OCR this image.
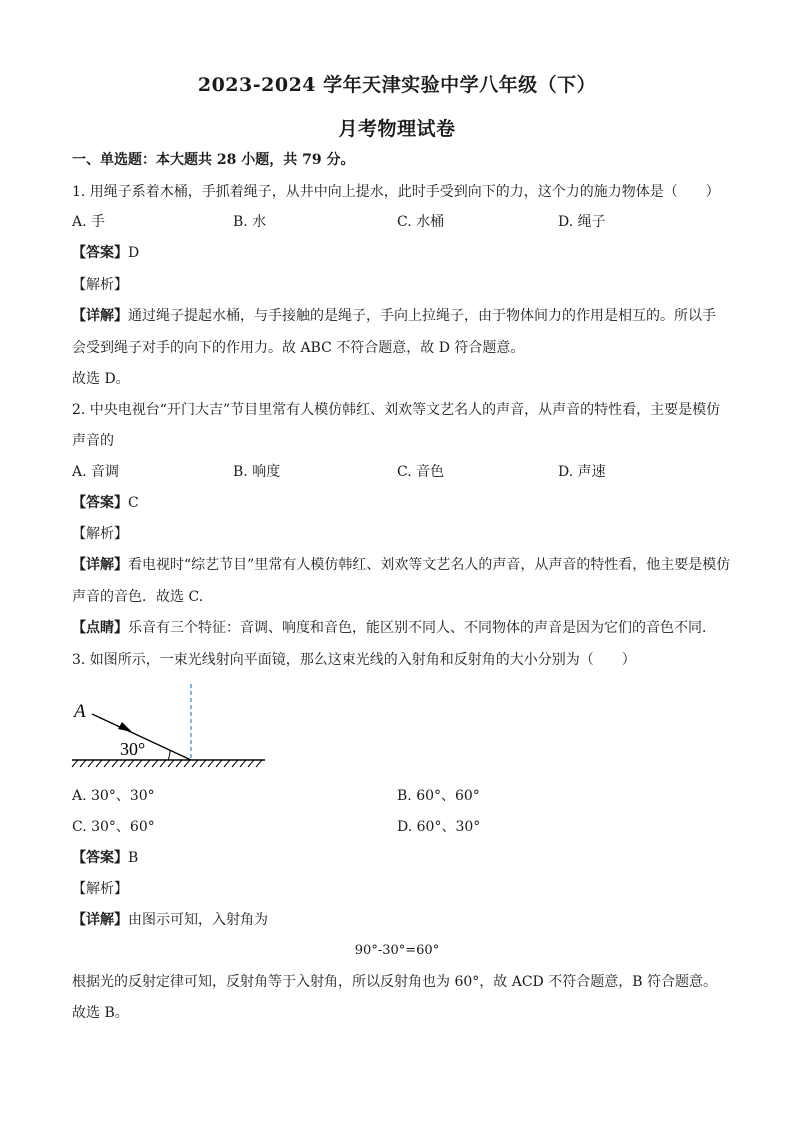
2023-2024 学年天津实验中学八年级（下）
月考物理试卷
一、单选题：本大题共 28 小题，共 79 分。
1. 用绳子系着木桶，手抓着绳子，从井中向上提水，此时手受到向下的力，这个力的施力物体是（　　）
A. 手	B. 水	C. 水桶	D. 绳子
【答案】D
【解析】
【详解】通过绳子提起水桶，与手接触的是绳子，手向上拉绳子，由于物体间力的作用是相互的。所以手
会受到绳子对手的向下的作用力。故 ABC 不符合题意，故 D 符合题意。
故选 D。
2. 中央电视台“开门大吉”节目里常有人模仿韩红、刘欢等文艺名人的声音，从声音的特性看，主要是模仿
声音的
A. 音调	B. 响度	C. 音色	D. 声速
【答案】C
【解析】
【详解】看电视时“综艺节目”里常有人模仿韩红、刘欢等文艺名人的声音，从声音的特性看，他主要是模仿
声音的音色．故选 C.
【点睛】乐音有三个特征：音调、响度和音色，能区别不同人、不同物体的声音是因为它们的音色不同．
3. 如图所示，一束光线射向平面镜，那么这束光线的入射角和反射角的大小分别为（　　）
A
30°
A. 30°、30°	B. 60°、60°
C. 30°、60°	D. 60°、30°
【答案】B
【解析】
【详解】由图示可知，入射角为
90°-30°=60°
根据光的反射定律可知，反射角等于入射角，所以反射角也为 60°，故 ACD 不符合题意，B 符合题意。
故选 B。
